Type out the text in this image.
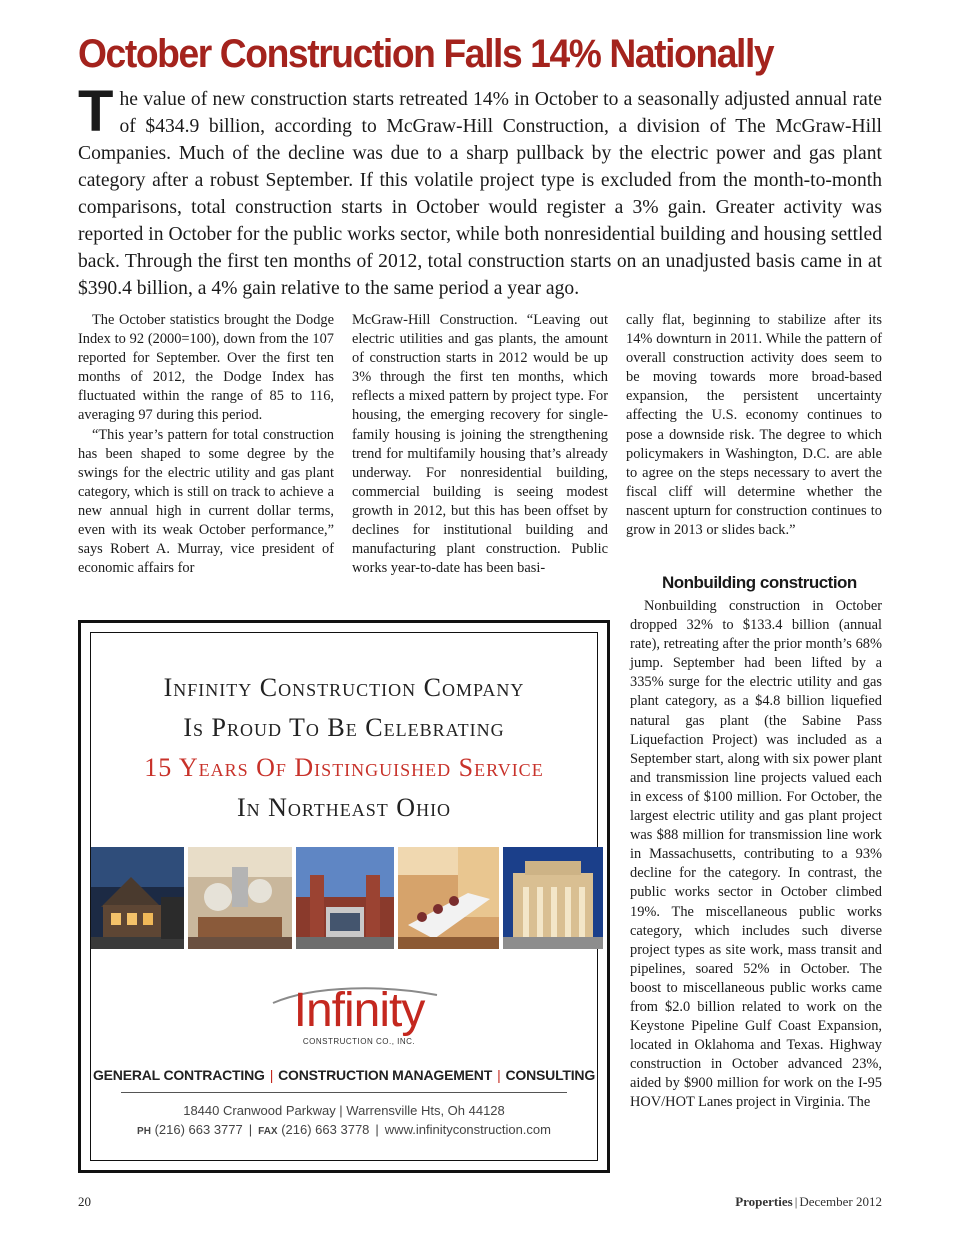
October Construction Falls 14% Nationally
The value of new construction starts retreated 14% in October to a seasonally adjusted annual rate of $434.9 billion, according to McGraw-Hill Construction, a division of The McGraw-Hill Companies. Much of the decline was due to a sharp pullback by the electric power and gas plant category after a robust September. If this volatile project type is excluded from the month-to-month comparisons, total construction starts in October would register a 3% gain. Greater activity was reported in October for the public works sector, while both nonresidential building and housing settled back. Through the first ten months of 2012, total construction starts on an unadjusted basis came in at $390.4 billion, a 4% gain relative to the same period a year ago.

The October statistics brought the Dodge Index to 92 (2000=100), down from the 107 reported for September. Over the first ten months of 2012, the Dodge Index has fluctuated within the range of 85 to 116, averaging 97 during this period.

“This year’s pattern for total construction has been shaped to some degree by the swings for the electric utility and gas plant category, which is still on track to achieve a new annual high in current dollar terms, even with its weak October performance,” says Robert A. Murray, vice president of economic affairs for

McGraw-Hill Construction. “Leaving out electric utilities and gas plants, the amount of construction starts in 2012 would be up 3% through the first ten months, which reflects a mixed pattern by project type. For housing, the emerging recovery for single-family housing is joining the strengthening trend for multifamily housing that’s already underway. For nonresidential building, commercial building is seeing modest growth in 2012, but this has been offset by declines for institutional building and manufacturing plant construction. Public works year-to-date has been basi-

cally flat, beginning to stabilize after its 14% downturn in 2011. While the pattern of overall construction activity does seem to be moving towards more broad-based expansion, the persistent uncertainty affecting the U.S. economy continues to pose a downside risk. The degree to which policymakers in Washington, D.C. are able to agree on the steps necessary to avert the fiscal cliff will determine whether the nascent upturn for construction continues to grow in 2013 or slides back.”

Nonbuilding construction

Nonbuilding construction in October dropped 32% to $133.4 billion (annual rate), retreating after the prior month’s 68% jump. September had been lifted by a 335% surge for the electric utility and gas plant category, as a $4.8 billion liquefied natural gas plant (the Sabine Pass Liquefaction Project) was included as a September start, along with six power plant and transmission line projects valued each in excess of $100 million. For October, the largest electric utility and gas plant project was $88 million for transmission line work in Massachusetts, contributing to a 93% decline for the category. In contrast, the public works sector in October climbed 19%. The miscellaneous public works category, which includes such diverse project types as site work, mass transit and pipelines, soared 52% in October. The boost to miscellaneous public works came from $2.0 billion related to work on the Keystone Pipeline Gulf Coast Expansion, located in Oklahoma and Texas. Highway construction in October advanced 23%, aided by $900 million for work on the I-95 HOV/HOT Lanes project in Virginia. The

Infinity Construction Company
Is Proud To Be Celebrating
15 Years Of Distinguished Service
In Northeast Ohio
Infinity
CONSTRUCTION CO., INC.
GENERAL CONTRACTING | CONSTRUCTION MANAGEMENT | CONSULTING
18440 Cranwood Parkway | Warrensville Hts, Oh 44128
PH (216) 663 3777 | FAX (216) 663 3778 | www.infinityconstruction.com
20	Properties | December 2012
